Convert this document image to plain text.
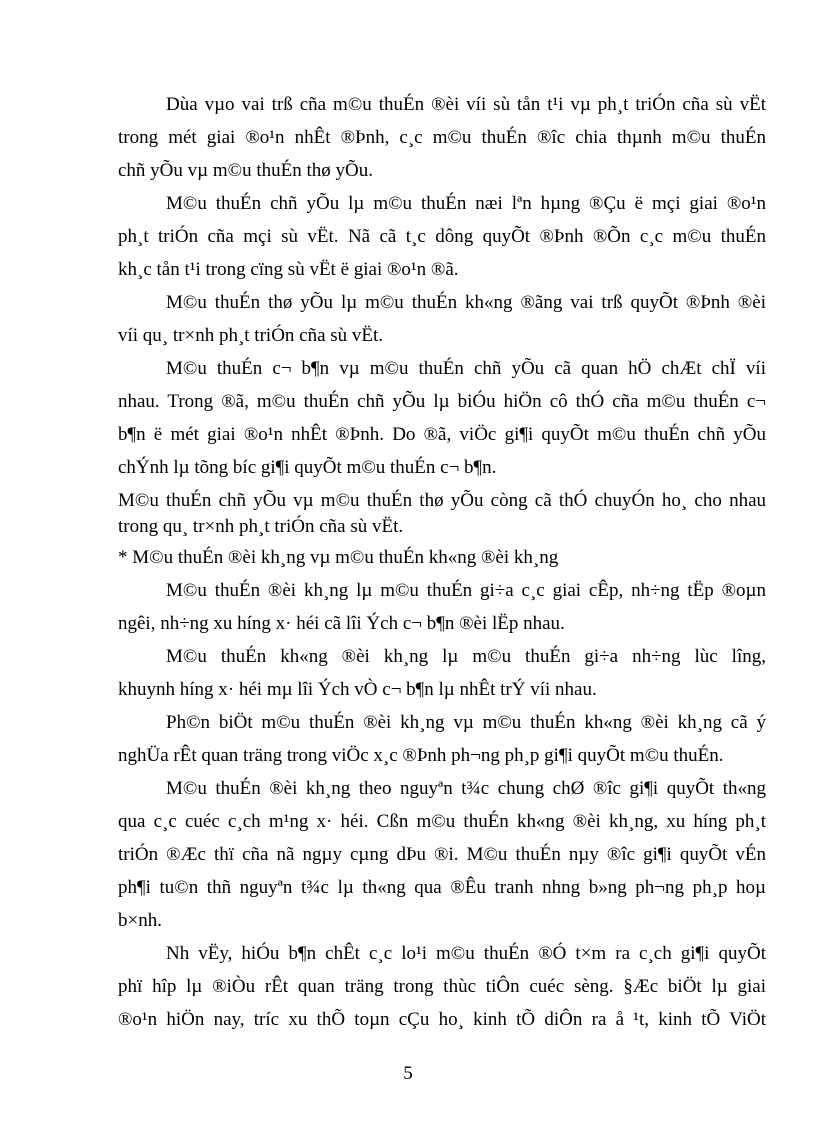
Dùa vµo vai trß cña m©u thuÉn ®èi víi sù tån t¹i vµ ph¸t triÓn cña sù vËt
trong mét giai ®o¹n nhÊt ®Þnh, c¸c m©u thuÉn ®îc chia thµnh m©u thuÉn
chñ yÕu vµ m©u thuÉn thø yÕu.
M©u thuÉn chñ yÕu lµ m©u thuÉn næi lªn hµng ®Çu ë mçi giai ®o¹n
ph¸t triÓn cña mçi sù vËt. Nã cã t¸c dông quyÕt ®Þnh ®Õn c¸c m©u thuÉn
kh¸c tån t¹i trong cïng sù vËt ë giai ®o¹n ®ã.
M©u thuÉn thø yÕu lµ m©u thuÉn kh«ng ®ãng vai trß quyÕt ®Þnh ®èi
víi qu¸ tr×nh ph¸t triÓn cña sù vËt.
M©u thuÉn c¬ b¶n vµ m©u thuÉn chñ yÕu cã quan hÖ chÆt chÏ víi
nhau. Trong ®ã, m©u thuÉn chñ yÕu lµ biÓu hiÖn cô thÓ cña m©u thuÉn c¬
b¶n ë mét giai ®o¹n nhÊt ®Þnh. Do ®ã, viÖc gi¶i quyÕt m©u thuÉn chñ yÕu
chÝnh lµ tõng bíc gi¶i quyÕt m©u thuÉn c¬ b¶n.
M©u thuÉn chñ yÕu vµ m©u thuÉn thø yÕu còng cã thÓ chuyÓn ho¸ cho nhau
trong qu¸ tr×nh ph¸t triÓn cña sù vËt.
* M©u thuÉn ®èi kh¸ng vµ m©u thuÉn kh«ng ®èi kh¸ng
M©u thuÉn ®èi kh¸ng lµ m©u thuÉn gi÷a c¸c giai cÊp, nh÷ng tËp ®oµn
ngêi, nh÷ng xu híng x· héi cã lîi Ých c¬ b¶n ®èi lËp nhau.
M©u thuÉn kh«ng ®èi kh¸ng lµ m©u thuÉn gi÷a nh÷ng lùc lîng,
khuynh híng x· héi mµ lîi Ých vÒ c¬ b¶n lµ nhÊt trÝ víi nhau.
Ph©n biÖt m©u thuÉn ®èi kh¸ng vµ m©u thuÉn kh«ng ®èi kh¸ng cã ý
nghÜa rÊt quan träng trong viÖc x¸c ®Þnh ph¬ng ph¸p gi¶i quyÕt m©u thuÉn.
M©u thuÉn ®èi kh¸ng theo nguyªn t¾c chung chØ ®îc gi¶i quyÕt th«ng
qua c¸c cuéc c¸ch m¹ng x· héi. Cßn m©u thuÉn kh«ng ®èi kh¸ng, xu híng ph¸t
triÓn ®Æc thï cña nã ngµy cµng dÞu ®i. M©u thuÉn nµy ®îc gi¶i quyÕt vÉn
ph¶i tu©n thñ nguyªn t¾c lµ th«ng qua ®Êu tranh nhng b»ng ph¬ng ph¸p hoµ
b×nh.
Nh vËy, hiÓu b¶n chÊt c¸c lo¹i m©u thuÉn ®Ó t×m ra c¸ch gi¶i quyÕt
phï hîp lµ ®iÒu rÊt quan träng trong thùc tiÔn cuéc sèng. §Æc biÖt lµ giai
®o¹n hiÖn nay, tríc xu thÕ toµn cÇu ho¸ kinh tÕ diÔn ra å ¹t, kinh tÕ ViÖt
5
